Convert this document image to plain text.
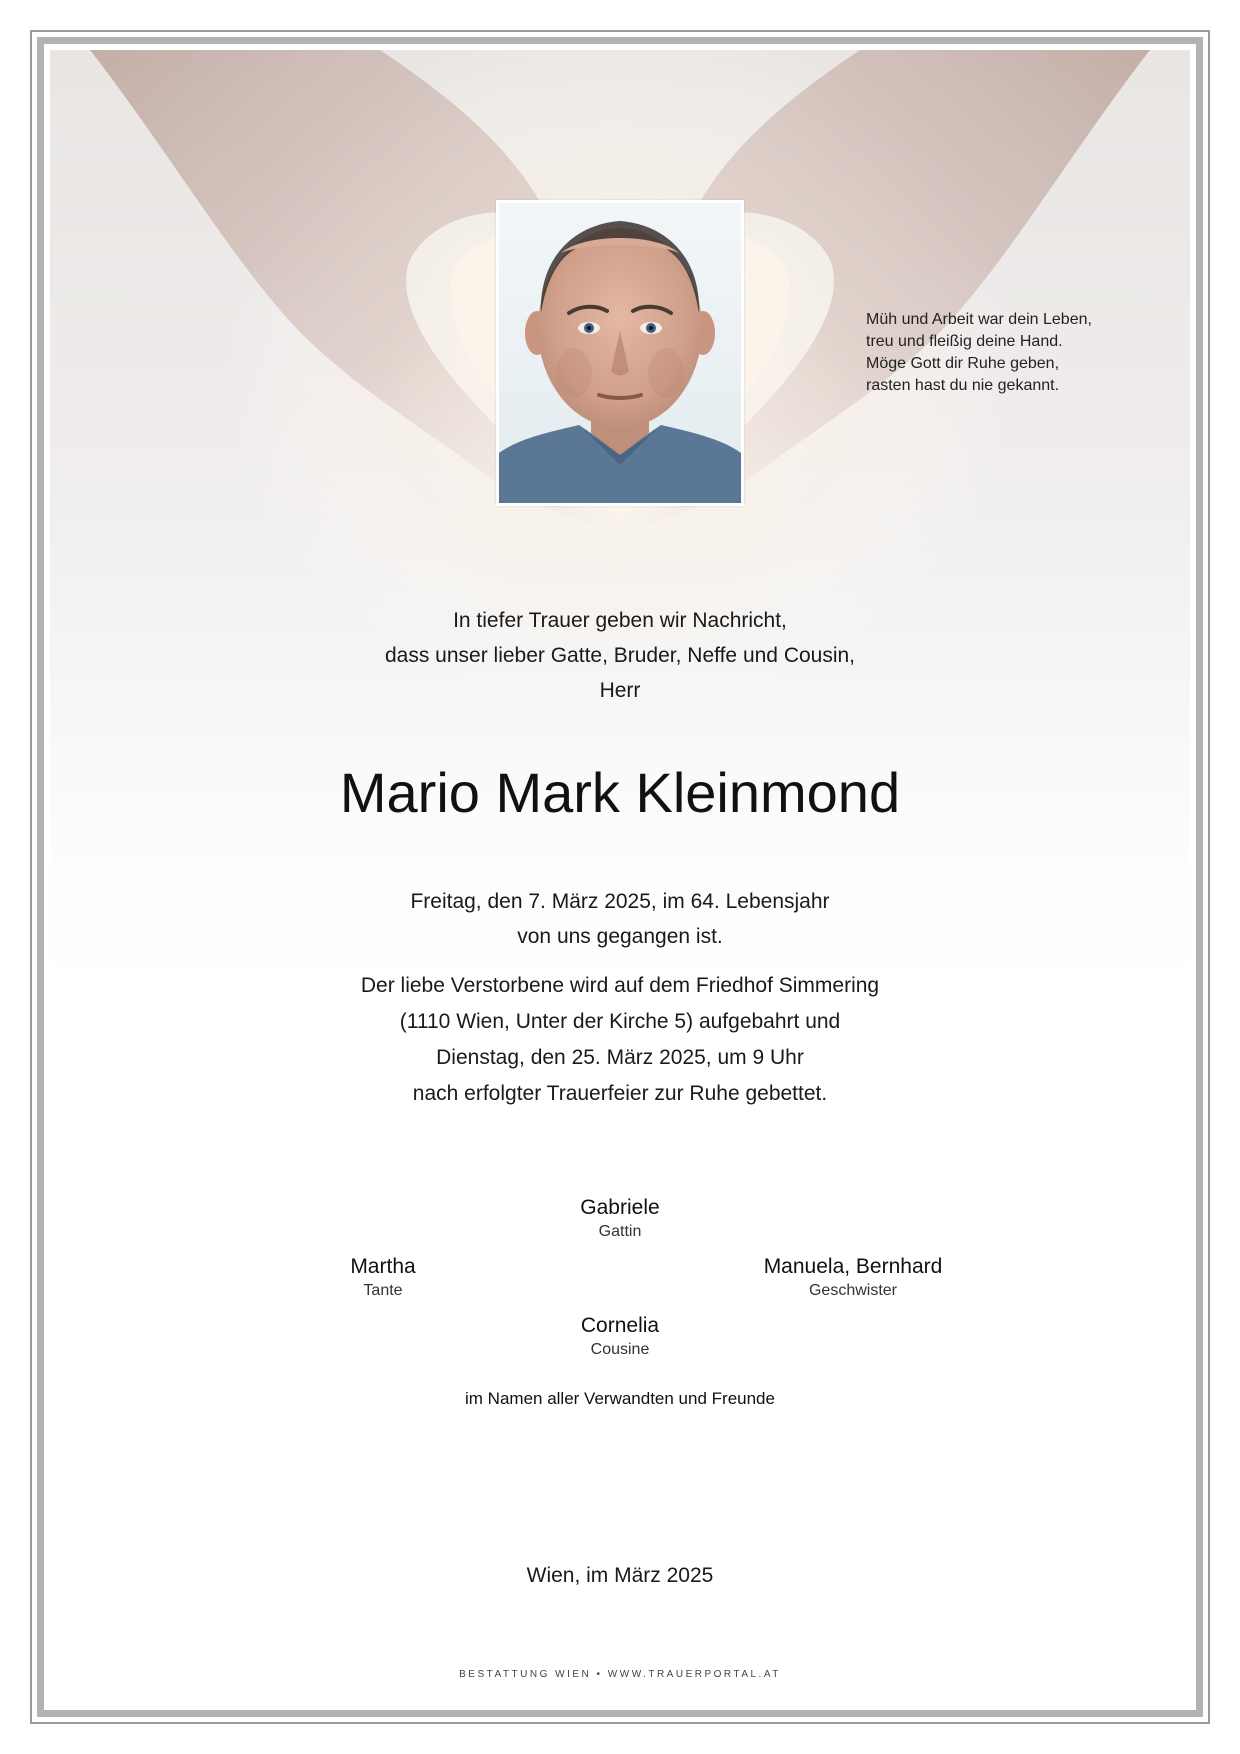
Müh und Arbeit war dein Leben,
treu und fleißig deine Hand.
Möge Gott dir Ruhe geben,
rasten hast du nie gekannt.
In tiefer Trauer geben wir Nachricht,
dass unser lieber Gatte, Bruder, Neffe und Cousin,
Herr
Mario Mark Kleinmond
Freitag, den 7. März 2025, im 64. Lebensjahr
von uns gegangen ist.
Der liebe Verstorbene wird auf dem Friedhof Simmering
(1110 Wien, Unter der Kirche 5) aufgebahrt und
Dienstag, den 25. März 2025, um 9 Uhr
nach erfolgter Trauerfeier zur Ruhe gebettet.
Gabriele
Gattin
Martha
Tante
Manuela, Bernhard
Geschwister
Cornelia
Cousine
im Namen aller Verwandten und Freunde
Wien, im März 2025
BESTATTUNG WIEN • WWW.TRAUERPORTAL.AT
